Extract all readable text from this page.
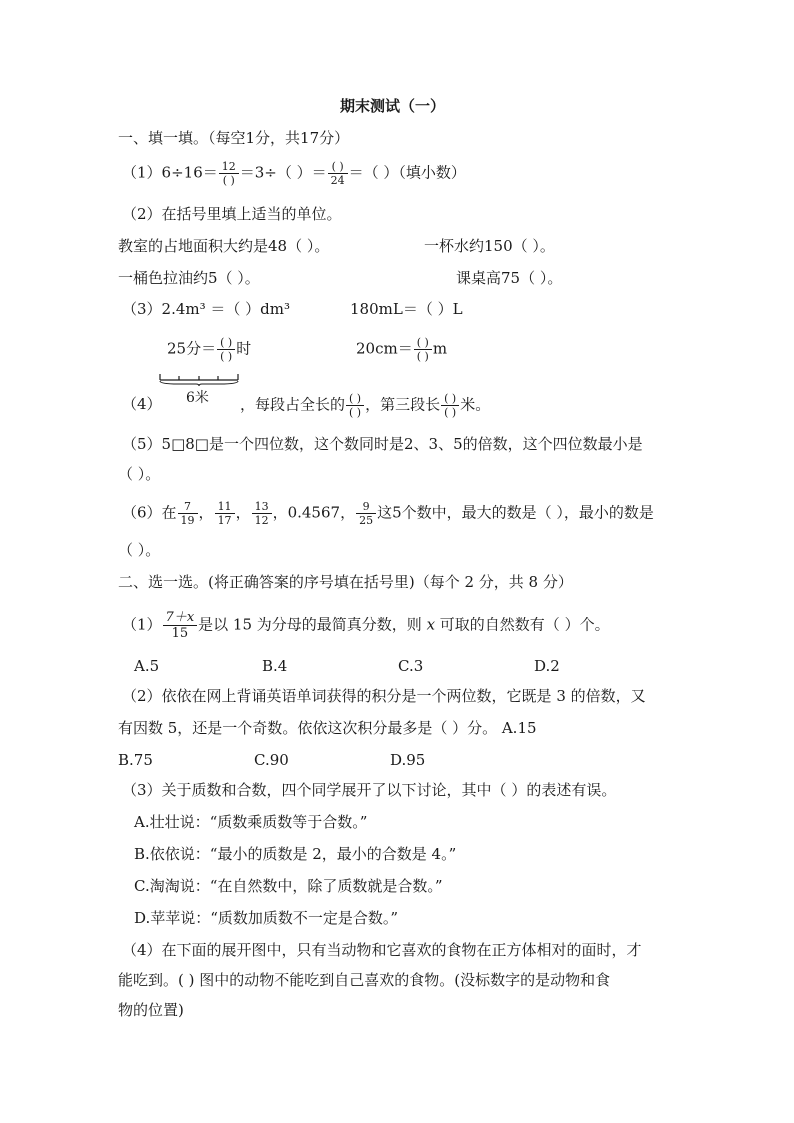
期末测试（一）
一、填一填。（每空1分，共17分）
$(1)6\div 16= \frac{12}{( )} =3\div$（ ）＝ $\frac{( )}{24}$ ＝（ ）（填小数）
（2）在括号里填上适当的单位。
教室的占地面积大约是48（ ）。	一杯水约150（ ）。
一桶色拉油约5（ ）。	课桌高75（ ）。
（3）2.4m³ ＝（ ）dm³	180mL＝（ ）L
25分＝ $\frac{( )}{( )}$ 时	$20cm= \frac{( )}{( )}$ m
6米
（4）	，每段占全长的 $\frac{( )}{( )}$ ，第三段长 $\frac{( )}{( )}$ 米。
（5）5□8□是一个四位数，这个数同时是2、3、5的倍数，这个四位数最小是
（ ）。
（6）在 $\frac{7}{19}$ ， $\frac{11}{17}$ ， $\frac{13}{12}$ ，0.4567， $\frac{9}{25}$ 这5个数中，最大的数是（ ），最小的数是
（ ）。
二、选一选。(将正确答案的序号填在括号里)（每个 2 分，共 8 分）
$(1) \frac{7+x}{15}$ 是以 15 为分母的最简真分数，则 x 可取的自然数有（ ）个。
A.5	B.4	C.3	D.2
（2）依依在网上背诵英语单词获得的积分是一个两位数，它既是 3 的倍数，又
有因数 5，还是一个奇数。依依这次积分最多是（ ）分。 A.15
B.75	C.90	D.95
（3）关于质数和合数，四个同学展开了以下讨论，其中（ ）的表述有误。
A.壮壮说：“质数乘质数等于合数。”
B.依依说：“最小的质数是 2，最小的合数是 4。”
C.淘淘说：“在自然数中，除了质数就是合数。”
D.苹苹说：“质数加质数不一定是合数。”
（4）在下面的展开图中，只有当动物和它喜欢的食物在正方体相对的面时，才
能吃到。( ) 图中的动物不能吃到自己喜欢的食物。(没标数字的是动物和食
物的位置)
